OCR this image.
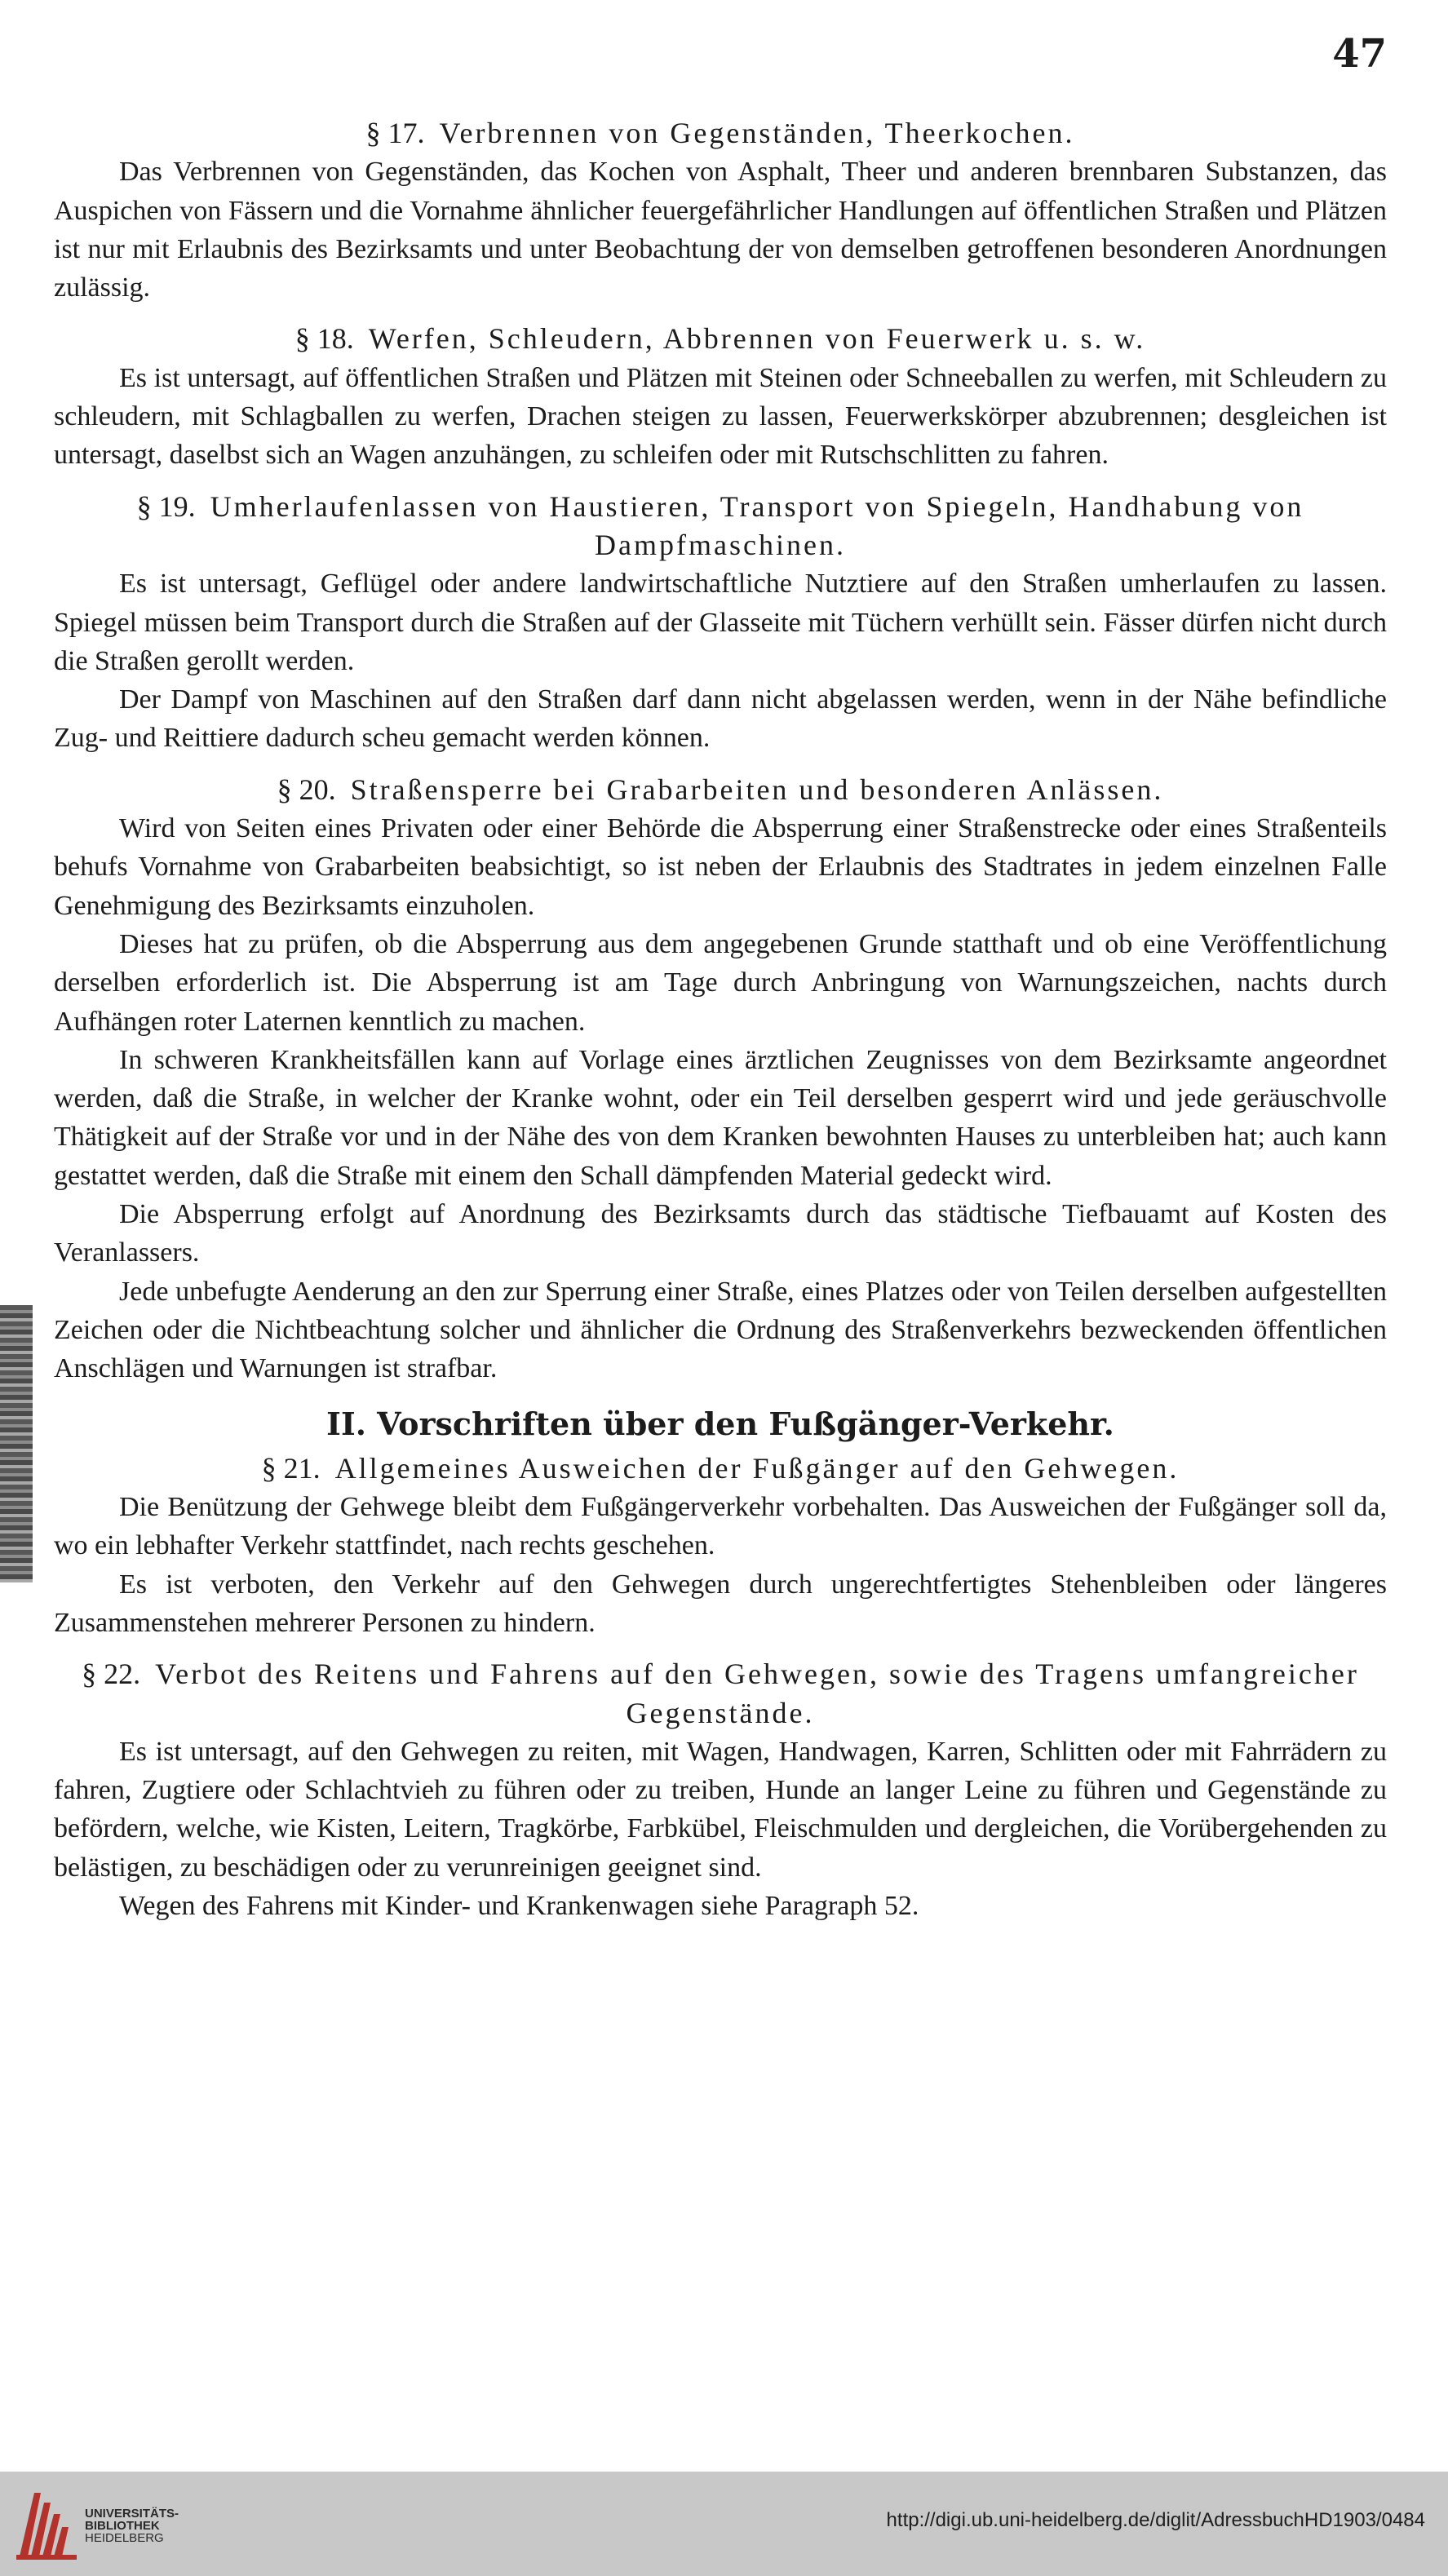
47
§ 17. Verbrennen von Gegenständen, Theerkochen.

Das Verbrennen von Gegenständen, das Kochen von Asphalt, Theer und anderen brennbaren Substanzen, das Auspichen von Fässern und die Vornahme ähnlicher feuergefährlicher Handlungen auf öffentlichen Straßen und Plätzen ist nur mit Erlaubnis des Bezirksamts und unter Beobachtung der von demselben getroffenen besonderen Anordnungen zulässig.

§ 18. Werfen, Schleudern, Abbrennen von Feuerwerk u. s. w.

Es ist untersagt, auf öffentlichen Straßen und Plätzen mit Steinen oder Schneeballen zu werfen, mit Schleudern zu schleudern, mit Schlagballen zu werfen, Drachen steigen zu lassen, Feuerwerkskörper abzubrennen; desgleichen ist untersagt, daselbst sich an Wagen anzuhängen, zu schleifen oder mit Rutschschlitten zu fahren.

§ 19. Umherlaufenlassen von Haustieren, Transport von Spiegeln, Handhabung von Dampfmaschinen.

Es ist untersagt, Geflügel oder andere landwirtschaftliche Nutztiere auf den Straßen umherlaufen zu lassen. Spiegel müssen beim Transport durch die Straßen auf der Glasseite mit Tüchern verhüllt sein. Fässer dürfen nicht durch die Straßen gerollt werden.

Der Dampf von Maschinen auf den Straßen darf dann nicht abgelassen werden, wenn in der Nähe befindliche Zug- und Reittiere dadurch scheu gemacht werden können.

§ 20. Straßensperre bei Grabarbeiten und besonderen Anlässen.

Wird von Seiten eines Privaten oder einer Behörde die Absperrung einer Straßenstrecke oder eines Straßenteils behufs Vornahme von Grabarbeiten beabsichtigt, so ist neben der Erlaubnis des Stadtrates in jedem einzelnen Falle Genehmigung des Bezirksamts einzuholen.

Dieses hat zu prüfen, ob die Absperrung aus dem angegebenen Grunde statthaft und ob eine Veröffentlichung derselben erforderlich ist. Die Absperrung ist am Tage durch Anbringung von Warnungszeichen, nachts durch Aufhängen roter Laternen kenntlich zu machen.

In schweren Krankheitsfällen kann auf Vorlage eines ärztlichen Zeugnisses von dem Bezirksamte angeordnet werden, daß die Straße, in welcher der Kranke wohnt, oder ein Teil derselben gesperrt wird und jede geräuschvolle Thätigkeit auf der Straße vor und in der Nähe des von dem Kranken bewohnten Hauses zu unterbleiben hat; auch kann gestattet werden, daß die Straße mit einem den Schall dämpfenden Material gedeckt wird.

Die Absperrung erfolgt auf Anordnung des Bezirksamts durch das städtische Tiefbauamt auf Kosten des Veranlassers.

Jede unbefugte Aenderung an den zur Sperrung einer Straße, eines Platzes oder von Teilen derselben aufgestellten Zeichen oder die Nichtbeachtung solcher und ähnlicher die Ordnung des Straßenverkehrs bezweckenden öffentlichen Anschlägen und Warnungen ist strafbar.

II. Vorschriften über den Fußgänger-Verkehr.
§ 21. Allgemeines Ausweichen der Fußgänger auf den Gehwegen.

Die Benützung der Gehwege bleibt dem Fußgängerverkehr vorbehalten. Das Ausweichen der Fußgänger soll da, wo ein lebhafter Verkehr stattfindet, nach rechts geschehen.

Es ist verboten, den Verkehr auf den Gehwegen durch ungerechtfertigtes Stehenbleiben oder längeres Zusammenstehen mehrerer Personen zu hindern.

§ 22. Verbot des Reitens und Fahrens auf den Gehwegen, sowie des Tragens umfangreicher Gegenstände.

Es ist untersagt, auf den Gehwegen zu reiten, mit Wagen, Handwagen, Karren, Schlitten oder mit Fahrrädern zu fahren, Zugtiere oder Schlachtvieh zu führen oder zu treiben, Hunde an langer Leine zu führen und Gegenstände zu befördern, welche, wie Kisten, Leitern, Tragkörbe, Farbkübel, Fleischmulden und dergleichen, die Vorübergehenden zu belästigen, zu beschädigen oder zu verunreinigen geeignet sind.

Wegen des Fahrens mit Kinder- und Krankenwagen siehe Paragraph 52.

UNIVERSITÄTS-
BIBLIOTHEK
HEIDELBERG
http://digi.ub.uni-heidelberg.de/diglit/AdressbuchHD1903/0484
